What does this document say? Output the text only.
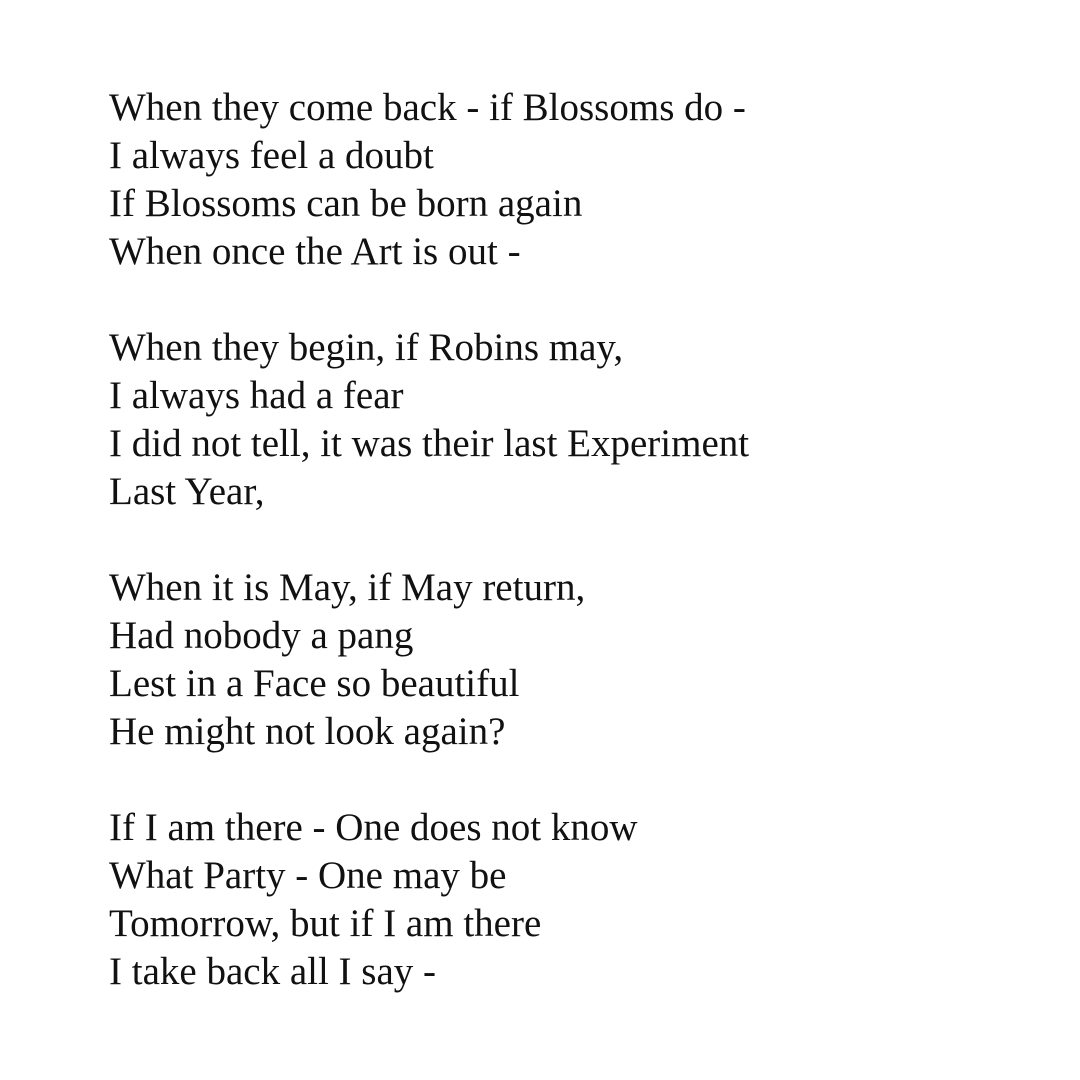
When they come back - if Blossoms do -
I always feel a doubt
If Blossoms can be born again
When once the Art is out -
When they begin, if Robins may,
I always had a fear
I did not tell, it was their last Experiment
Last Year,
When it is May, if May return,
Had nobody a pang
Lest in a Face so beautiful
He might not look again?
If I am there - One does not know
What Party - One may be
Tomorrow, but if I am there
I take back all I say -
